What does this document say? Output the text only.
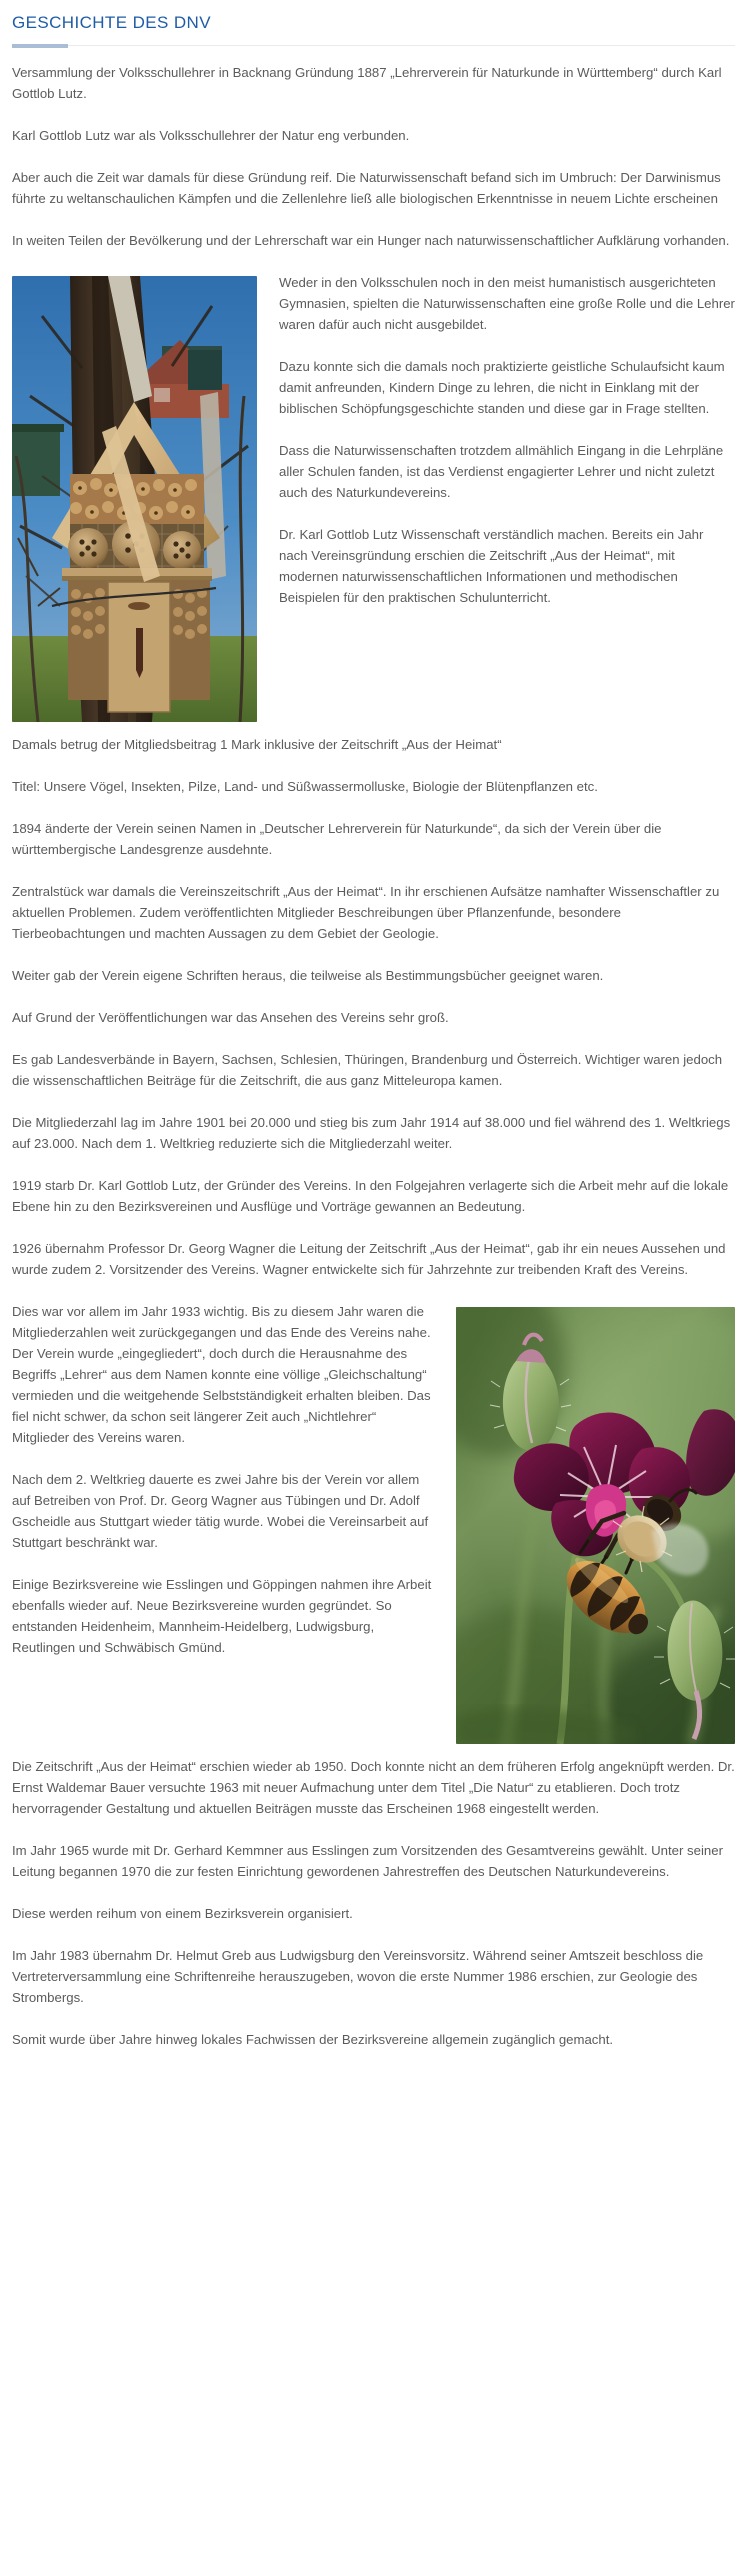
GESCHICHTE DES DNV

Versammlung der Volksschullehrer in Backnang Gründung 1887 „Lehrerverein für Naturkunde in Württemberg“ durch Karl Gottlob Lutz.

Karl Gottlob Lutz war als Volksschullehrer der Natur eng verbunden.

Aber auch die Zeit war damals für diese Gründung reif. Die Naturwissenschaft befand sich im Umbruch: Der Darwinismus führte zu weltanschaulichen Kämpfen und die Zellenlehre ließ alle biologischen Erkenntnisse in neuem Lichte erscheinen

In weiten Teilen der Bevölkerung und der Lehrerschaft war ein Hunger nach naturwissenschaftlicher Aufklärung vorhanden.

Weder in den Volksschulen noch in den meist humanistisch ausgerichteten Gymnasien, spielten die Naturwissenschaften eine große Rolle und die Lehrer waren dafür auch nicht ausgebildet.

Dazu konnte sich die damals noch praktizierte geistliche Schulaufsicht kaum damit anfreunden, Kindern Dinge zu lehren, die nicht in Einklang mit der biblischen Schöpfungsgeschichte standen und diese gar in Frage stellten.

Dass die Naturwissenschaften trotzdem allmählich Eingang in die Lehrpläne aller Schulen fanden, ist das Verdienst engagierter Lehrer und nicht zuletzt auch des Naturkundevereins.

Dr. Karl Gottlob Lutz Wissenschaft verständlich machen. Bereits ein Jahr nach Vereinsgründung erschien die Zeitschrift „Aus der Heimat“, mit modernen naturwissenschaftlichen Informationen und methodischen Beispielen für den praktischen Schulunterricht.

Damals betrug der Mitgliedsbeitrag 1 Mark inklusive der Zeitschrift „Aus der Heimat“

Titel: Unsere Vögel, Insekten, Pilze, Land- und Süßwassermolluske, Biologie der Blütenpflanzen etc.

1894 änderte der Verein seinen Namen in „Deutscher Lehrerverein für Naturkunde“, da sich der Verein über die württembergische Landesgrenze ausdehnte.

Zentralstück war damals die Vereinszeitschrift „Aus der Heimat“. In ihr erschienen Aufsätze namhafter Wissenschaftler zu aktuellen Problemen. Zudem veröffentlichten Mitglieder Beschreibungen über Pflanzenfunde, besondere Tierbeobachtungen und machten Aussagen zu dem Gebiet der Geologie.

Weiter gab der Verein eigene Schriften heraus, die teilweise als Bestimmungsbücher geeignet waren.

Auf Grund der Veröffentlichungen war das Ansehen des Vereins sehr groß.

Es gab Landesverbände in Bayern, Sachsen, Schlesien, Thüringen, Brandenburg und Österreich. Wichtiger waren jedoch die wissenschaftlichen Beiträge für die Zeitschrift, die aus ganz Mitteleuropa kamen.

Die Mitgliederzahl lag im Jahre 1901 bei 20.000 und stieg bis zum Jahr 1914 auf 38.000 und fiel während des 1. Weltkriegs auf 23.000. Nach dem 1. Weltkrieg reduzierte sich die Mitgliederzahl weiter.

1919 starb Dr. Karl Gottlob Lutz, der Gründer des Vereins. In den Folgejahren verlagerte sich die Arbeit mehr auf die lokale Ebene hin zu den Bezirksvereinen und Ausflüge und Vorträge gewannen an Bedeutung.

1926 übernahm Professor Dr. Georg Wagner die Leitung der Zeitschrift „Aus der Heimat“, gab ihr ein neues Aussehen und wurde zudem 2. Vorsitzender des Vereins. Wagner entwickelte sich für Jahrzehnte zur treibenden Kraft des Vereins.

Dies war vor allem im Jahr 1933 wichtig. Bis zu diesem Jahr waren die Mitgliederzahlen weit zurückgegangen und das Ende des Vereins nahe. Der Verein wurde „eingegliedert“, doch durch die Herausnahme des Begriffs „Lehrer“ aus dem Namen konnte eine völlige „Gleichschaltung“ vermieden und die weitgehende Selbstständigkeit erhalten bleiben. Das fiel nicht schwer, da schon seit längerer Zeit auch „Nichtlehrer“ Mitglieder des Vereins waren.

Nach dem 2. Weltkrieg dauerte es zwei Jahre bis der Verein vor allem auf Betreiben von Prof. Dr. Georg Wagner aus Tübingen und Dr. Adolf Gscheidle aus Stuttgart wieder tätig wurde. Wobei die Vereinsarbeit auf Stuttgart beschränkt war.

Einige Bezirksvereine wie Esslingen und Göppingen nahmen ihre Arbeit ebenfalls wieder auf. Neue Bezirksvereine wurden gegründet. So entstanden Heidenheim, Mannheim-Heidelberg, Ludwigsburg, Reutlingen und Schwäbisch Gmünd.

Die Zeitschrift „Aus der Heimat“ erschien wieder ab 1950. Doch konnte nicht an dem früheren Erfolg angeknüpft werden. Dr. Ernst Waldemar Bauer versuchte 1963 mit neuer Aufmachung unter dem Titel „Die Natur“ zu etablieren. Doch trotz hervorragender Gestaltung und aktuellen Beiträgen musste das Erscheinen 1968 eingestellt werden.

Im Jahr 1965 wurde mit Dr. Gerhard Kemmner aus Esslingen zum Vorsitzenden des Gesamtvereins gewählt. Unter seiner Leitung begannen 1970 die zur festen Einrichtung gewordenen Jahrestreffen des Deutschen Naturkundevereins.

Diese werden reihum von einem Bezirksverein organisiert.

Im Jahr 1983 übernahm Dr. Helmut Greb aus Ludwigsburg den Vereinsvorsitz. Während seiner Amtszeit beschloss die Vertreterversammlung eine Schriftenreihe herauszugeben, wovon die erste Nummer 1986 erschien, zur Geologie des Strombergs.

Somit wurde über Jahre hinweg lokales Fachwissen der Bezirksvereine allgemein zugänglich gemacht.
